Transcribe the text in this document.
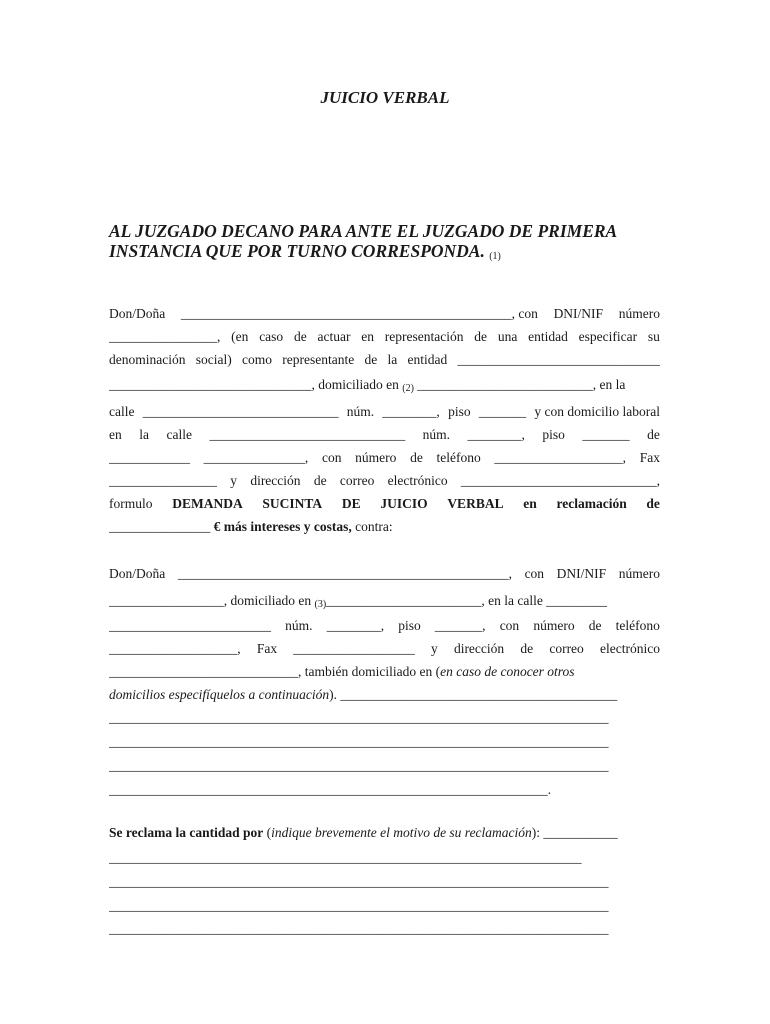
JUICIO VERBAL
AL JUZGADO DECANO PARA ANTE EL JUZGADO DE PRIMERA
INSTANCIA QUE POR TURNO CORRESPONDA. $_{(1)}$
Don/Doña _________________________________________________, con DNI/NIF número
________________, (en caso de actuar en representación de una entidad especificar su
denominación social) como representante de la entidad ______________________________
______________________________, domiciliado en $_{(2)}$ __________________________, en la
calle _____________________________ núm. ________, piso _______ y con domicilio laboral
en la calle _____________________________ núm. ________, piso _______ de
____________ _______________, con número de teléfono ___________________, Fax
________________ y dirección de correo electrónico _____________________________,
formulo DEMANDA SUCINTA DE JUICIO VERBAL en reclamación de
_______________ € más intereses y costas, contra:
Don/Doña _________________________________________________, con DNI/NIF número
_________________, domiciliado en $_{(3)}$_______________________, en la calle _________
________________________ núm. ________, piso _______, con número de teléfono
___________________, Fax __________________ y dirección de correo electrónico
____________________________, también domiciliado en (en caso de conocer otros
domicilios especifíquelos a continuación). _________________________________________
__________________________________________________________________________
__________________________________________________________________________
__________________________________________________________________________
_________________________________________________________________.
Se reclama la cantidad por (indique brevemente el motivo de su reclamación): ___________
______________________________________________________________________
__________________________________________________________________________
__________________________________________________________________________
__________________________________________________________________________
